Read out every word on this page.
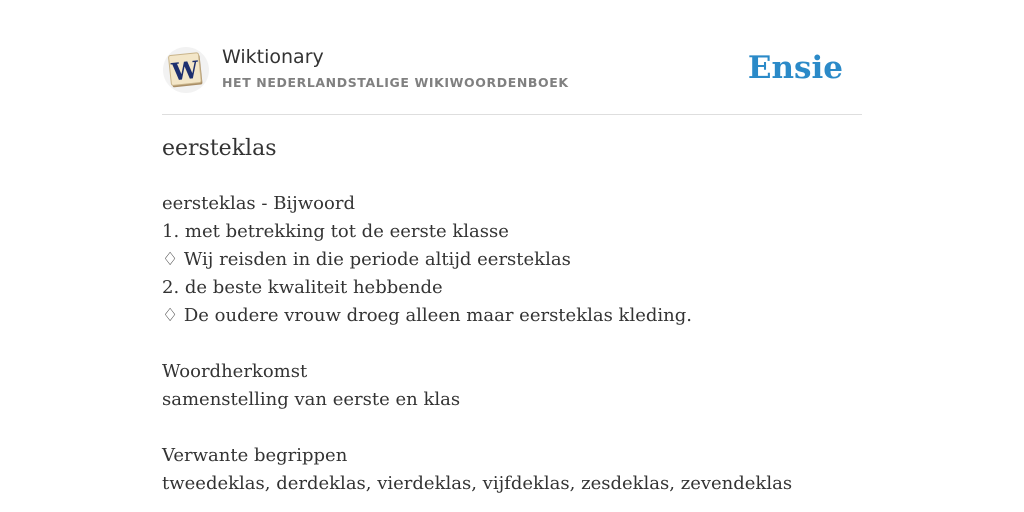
W Wiktionary
HET NEDERLANDSTALIGE WIKIWOORDENBOEK	Ensie
eersteklas
eersteklas - Bijwoord
1. met betrekking tot de eerste klasse
♢ Wij reisden in die periode altijd eersteklas
2. de beste kwaliteit hebbende
♢ De oudere vrouw droeg alleen maar eersteklas kleding.
Woordherkomst
samenstelling van eerste en klas
Verwante begrippen
tweedeklas, derdeklas, vierdeklas, vijfdeklas, zesdeklas, zevendeklas
